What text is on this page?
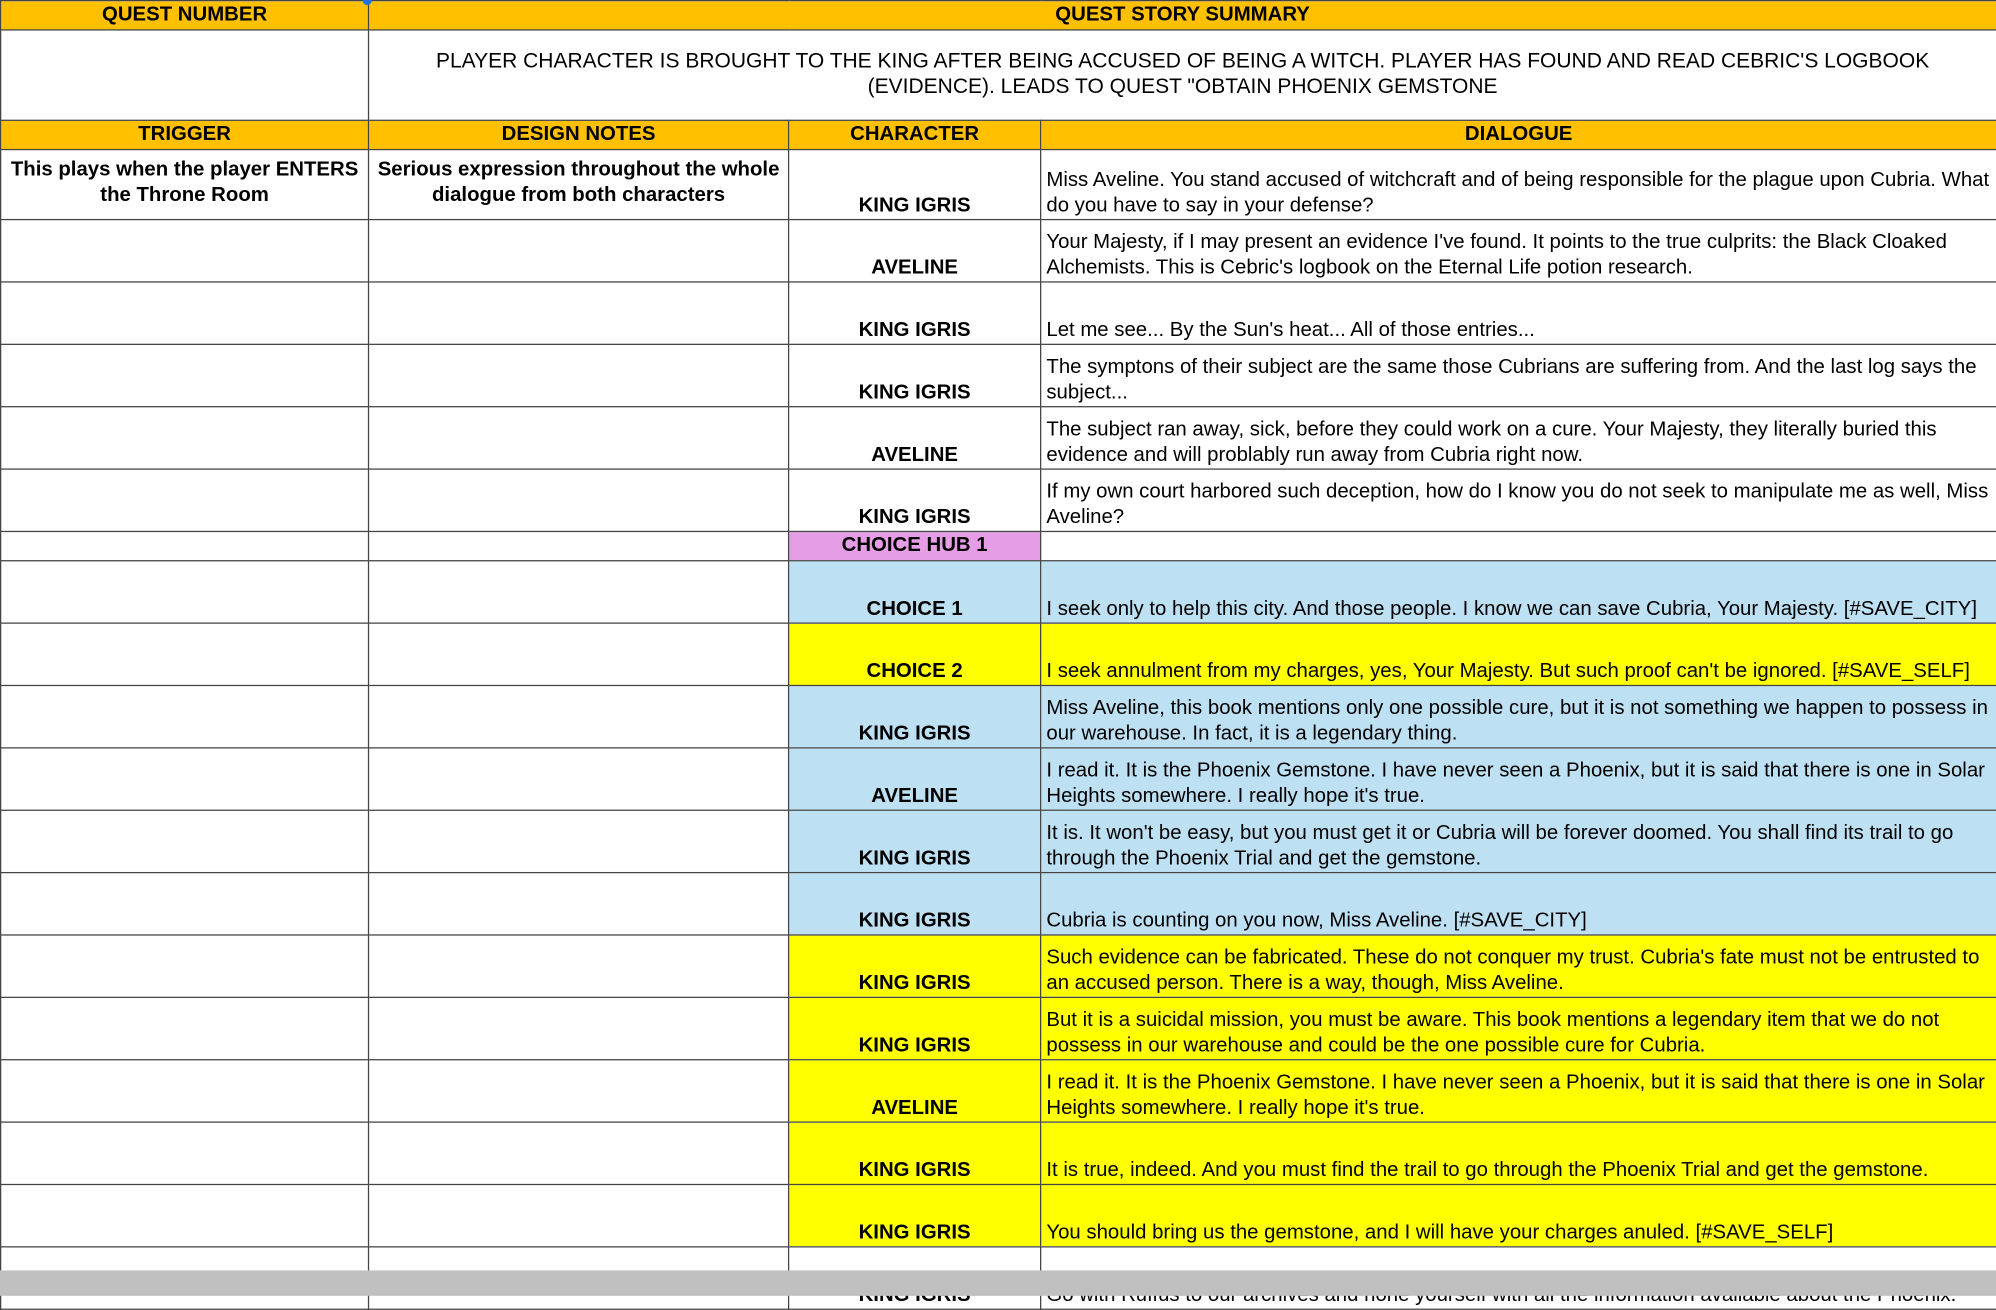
QUEST NUMBER	QUEST STORY SUMMARY		
	PLAYER CHARACTER IS BROUGHT TO THE KING AFTER BEING ACCUSED OF BEING A WITCH. PLAYER HAS FOUND AND READ CEBRIC'S LOGBOOK (EVIDENCE). LEADS TO QUEST "OBTAIN PHOENIX GEMSTONE		
TRIGGER	DESIGN NOTES	CHARACTER	DIALOGUE
This plays when the player ENTERS the Throne Room	Serious expression throughout the whole dialogue from both characters	KING IGRIS	Miss Aveline. You stand accused of witchcraft and of being responsible for the plague upon Cubria. What do you have to say in your defense?
		AVELINE	Your Majesty, if I may present an evidence I've found. It points to the true culprits: the Black Cloaked Alchemists. This is Cebric's logbook on the Eternal Life potion research.
		KING IGRIS	Let me see... By the Sun's heat... All of those entries...
		KING IGRIS	The symptons of their subject are the same those Cubrians are suffering from. And the last log says the subject...
		AVELINE	The subject ran away, sick, before they could work on a cure. Your Majesty, they literally buried this evidence and will problably run away from Cubria right now.
		KING IGRIS	If my own court harbored such deception, how do I know you do not seek to manipulate me as well, Miss Aveline?
		CHOICE HUB 1	
		CHOICE 1	I seek only to help this city. And those people. I know we can save Cubria, Your Majesty. [#SAVE_CITY]
		CHOICE 2	I seek annulment from my charges, yes, Your Majesty. But such proof can't be ignored. [#SAVE_SELF]
		KING IGRIS	Miss Aveline, this book mentions only one possible cure, but it is not something we happen to possess in our warehouse. In fact, it is a legendary thing.
		AVELINE	I read it. It is the Phoenix Gemstone. I have never seen a Phoenix, but it is said that there is one in Solar Heights somewhere. I really hope it's true.
		KING IGRIS	It is. It won't be easy, but you must get it or Cubria will be forever doomed. You shall find its trail to go through the Phoenix Trial and get the gemstone.
		KING IGRIS	Cubria is counting on you now, Miss Aveline. [#SAVE_CITY]
		KING IGRIS	Such evidence can be fabricated. These do not conquer my trust. Cubria's fate must not be entrusted to an accused person. There is a way, though, Miss Aveline.
		KING IGRIS	But it is a suicidal mission, you must be aware. This book mentions a legendary item that we do not possess in our warehouse and could be the one possible cure for Cubria.
		AVELINE	I read it. It is the Phoenix Gemstone. I have never seen a Phoenix, but it is said that there is one in Solar Heights somewhere. I really hope it's true.
		KING IGRIS	It is true, indeed. And you must find the trail to go through the Phoenix Trial and get the gemstone.
		KING IGRIS	You should bring us the gemstone, and I will have your charges anuled. [#SAVE_SELF]
